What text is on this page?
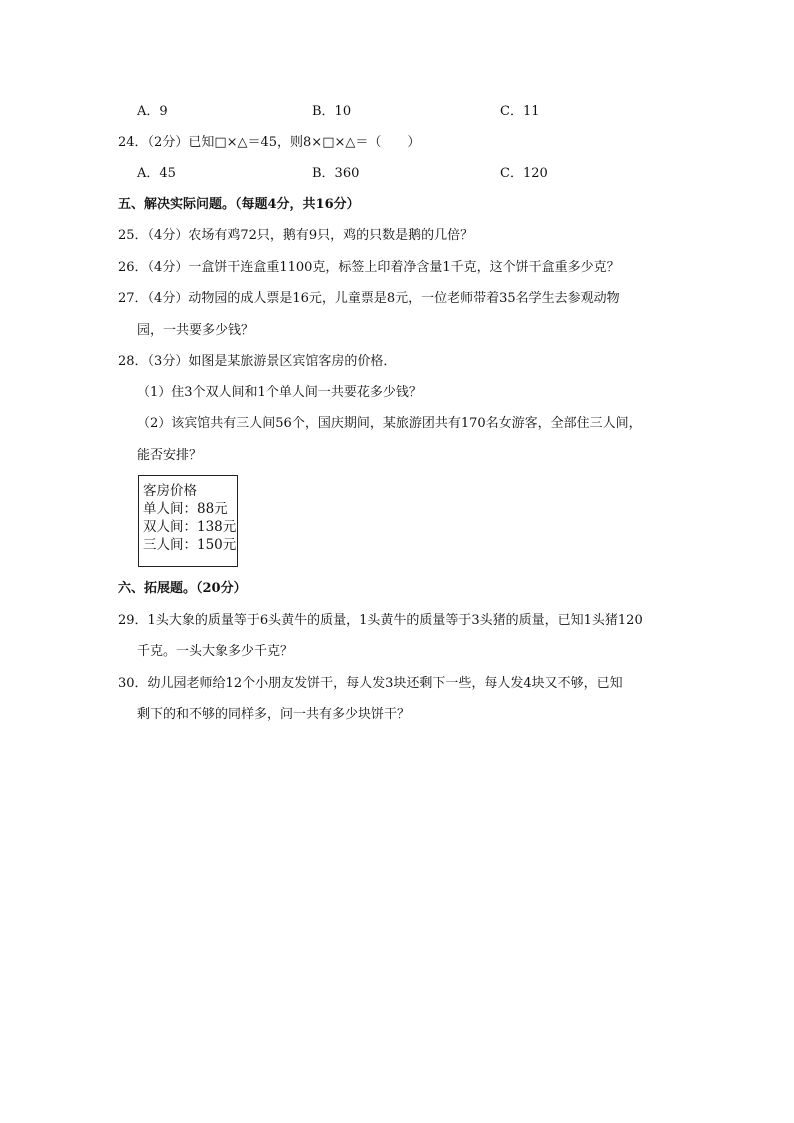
A．9	B．10	C．11
24．（2分）已知□×△＝45，则8×□×△＝（　　）
A．45	B．360	C．120
五、解决实际问题。（每题4分，共16分）
25．（4分）农场有鸡72只，鹅有9只，鸡的只数是鹅的几倍？
26．（4分）一盒饼干连盒重1100克，标签上印着净含量1千克，这个饼干盒重多少克？
27．（4分）动物园的成人票是16元，儿童票是8元，一位老师带着35名学生去参观动物
园，一共要多少钱？
28．（3分）如图是某旅游景区宾馆客房的价格．
（1）住3个双人间和1个单人间一共要花多少钱？
（2）该宾馆共有三人间56个，国庆期间，某旅游团共有170名女游客，全部住三人间，
能否安排？
客房价格
单人间：88元
双人间：138元
三人间：150元
六、拓展题。（20分）
29．1头大象的质量等于6头黄牛的质量，1头黄牛的质量等于3头猪的质量，已知1头猪120
千克。一头大象多少千克？
30．幼儿园老师给12个小朋友发饼干，每人发3块还剩下一些，每人发4块又不够，已知
剩下的和不够的同样多，问一共有多少块饼干？
